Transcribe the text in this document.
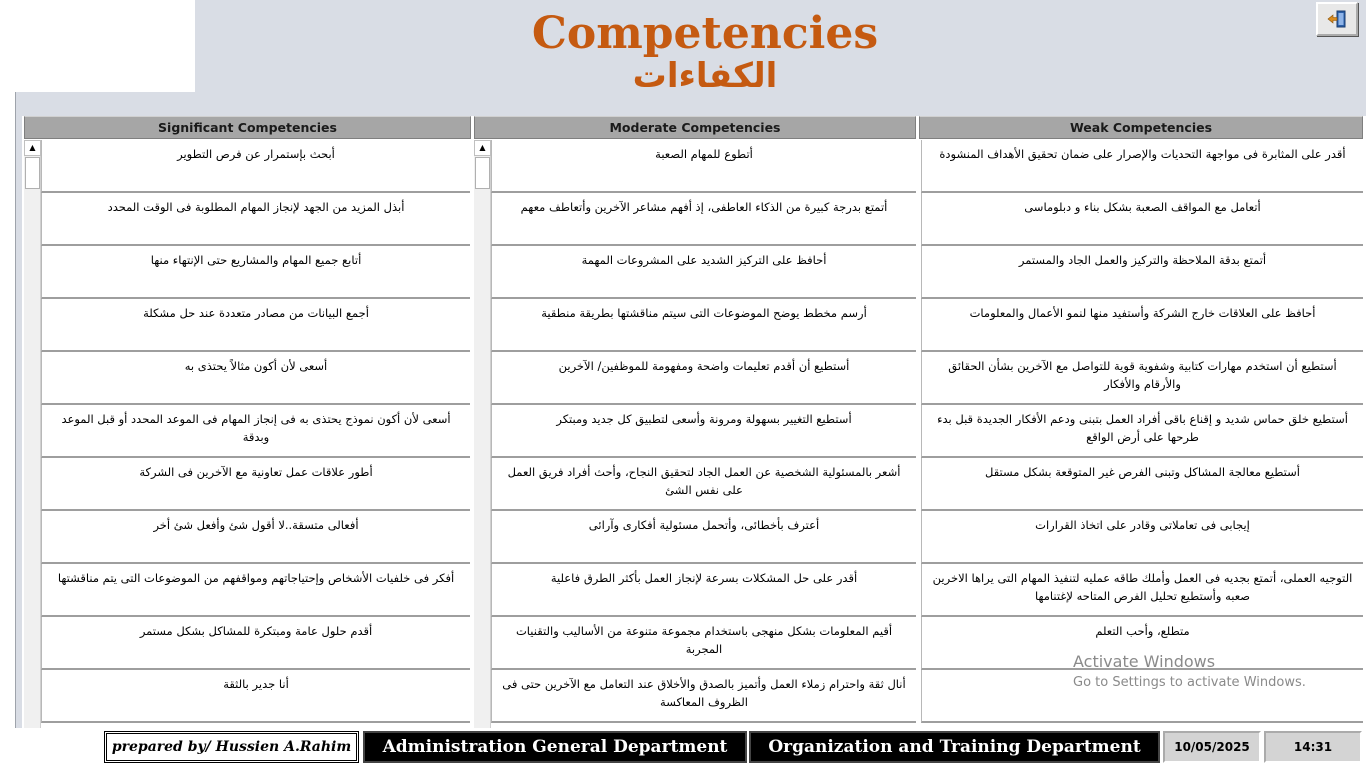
Competencies
الكفاءات
Significant Competencies
▲	أبحث بإستمرار عن فرص التطوير
أبذل المزيد من الجهد لإنجاز المهام المطلوبة فى الوقت المحدد
أتابع جميع المهام والمشاريع حتى الإنتهاء منها
أجمع البيانات من مصادر متعددة عند حل مشكلة
أسعى لأن أكون مثالاً يحتذى به
أسعى لأن أكون نموذج يحتذى به فى إنجاز المهام فى الموعد المحدد أو قبل الموعد وبدقة
أطور علاقات عمل تعاونية مع الآخرين فى الشركة
أفعالى متسقة..لا أقول شئ وأفعل شئ أخر
أفكر فى خلفيات الأشخاص وإحتياجاتهم ومواقفهم من الموضوعات التى يتم مناقشتها
أقدم حلول عامة ومبتكرة للمشاكل بشكل مستمر
أنا جدير بالثقة
Moderate Competencies
▲	أتطوع للمهام الصعبة
أتمتع بدرجة كبيرة من الذكاء العاطفى، إذ أفهم مشاعر الآخرين وأتعاطف معهم
أحافظ على التركيز الشديد على المشروعات المهمة
أرسم مخطط يوضح الموضوعات التى سيتم مناقشتها بطريقة منطقية
أستطيع أن أقدم تعليمات واضحة ومفهومة للموظفين/ الآخرين
أستطيع التغيير بسهولة ومرونة وأسعى لتطبيق كل جديد ومبتكر
أشعر بالمسئولية الشخصية عن العمل الجاد لتحقيق النجاح، وأحث أفراد فريق العمل على نفس الشئ
أعترف بأخطائى، وأتحمل مسئولية أفكارى وآرائى
أقدر على حل المشكلات بسرعة لإنجاز العمل بأكثر الطرق فاعلية
أقيم المعلومات بشكل منهجى باستخدام مجموعة متنوعة من الأساليب والتقنيات المجربة
أنال ثقة واحترام زملاء العمل وأتميز بالصدق والأخلاق عند التعامل مع الآخرين حتى فى الظروف المعاكسة
Weak Competencies
أقدر على المثابرة فى مواجهة التحديات والإصرار على ضمان تحقيق الأهداف المنشودة
أتعامل مع المواقف الصعبة بشكل بناء و دبلوماسى
أتمتع بدقة الملاحظة والتركيز والعمل الجاد والمستمر
أحافظ على العلاقات خارج الشركة وأستفيد منها لنمو الأعمال والمعلومات
أستطيع أن استخدم مهارات كتابية وشفوية قوية للتواصل مع الآخرين بشأن الحقائق والأرقام والأفكار
أستطيع خلق حماس شديد و إقناع باقى أفراد العمل بتبنى ودعم الأفكار الجديدة قبل بدء طرحها على أرض الواقع
أستطيع معالجة المشاكل وتبنى الفرص غير المتوقعة بشكل مستقل
إيجابى فى تعاملاتى وقادر على اتخاذ القرارات
التوجيه العملى، أتمتع بجديه فى العمل وأملك طاقه عمليه لتنفيذ المهام التى يراها الاخرين صعبه وأستطيع تحليل الفرص المتاحه لإغتنامها
متطلع، وأحب التعلم
Activate Windows
Go to Settings to activate Windows.
prepared by/ Hussien A.Rahim	Administration General Department	Organization and Training Department	10/05/2025	14:31
